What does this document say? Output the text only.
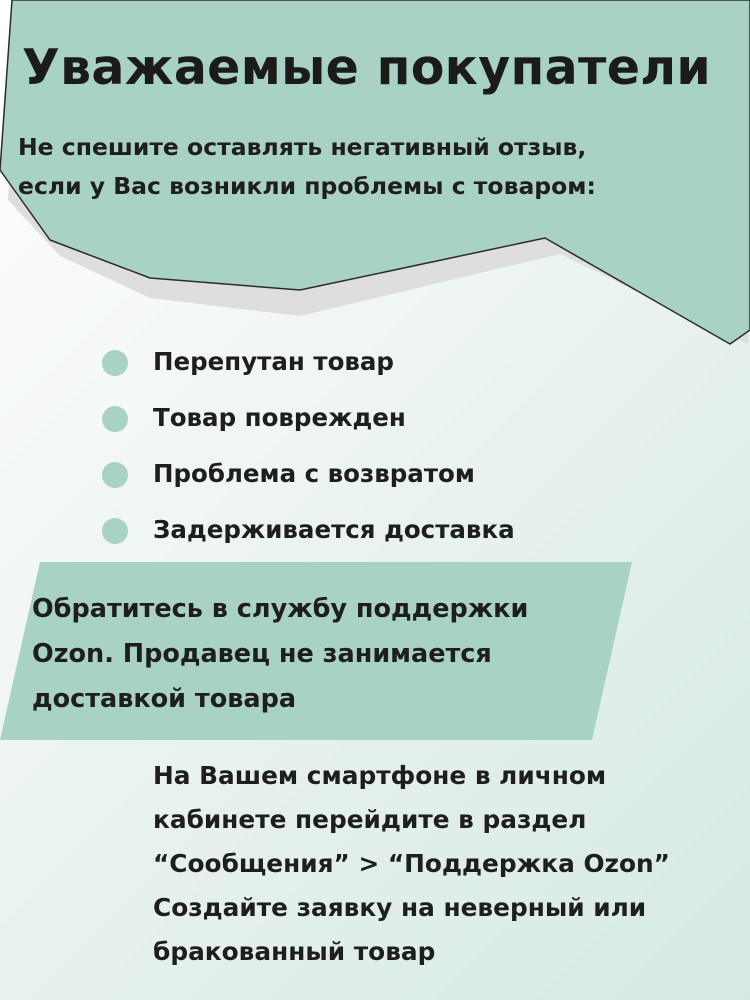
Уважаемые покупатели

Не спешите оставлять негативный отзыв,
если у Вас возникли проблемы с товаром:

Перепутан товар
Товар поврежден
Проблема с возвратом
Задерживается доставка

Обратитесь в службу поддержки
Ozon. Продавец не занимается
доставкой товара

На Вашем смартфоне в личном
кабинете перейдите в раздел
“Сообщения” > “Поддержка Ozon”
Создайте заявку на неверный или
бракованный товар
